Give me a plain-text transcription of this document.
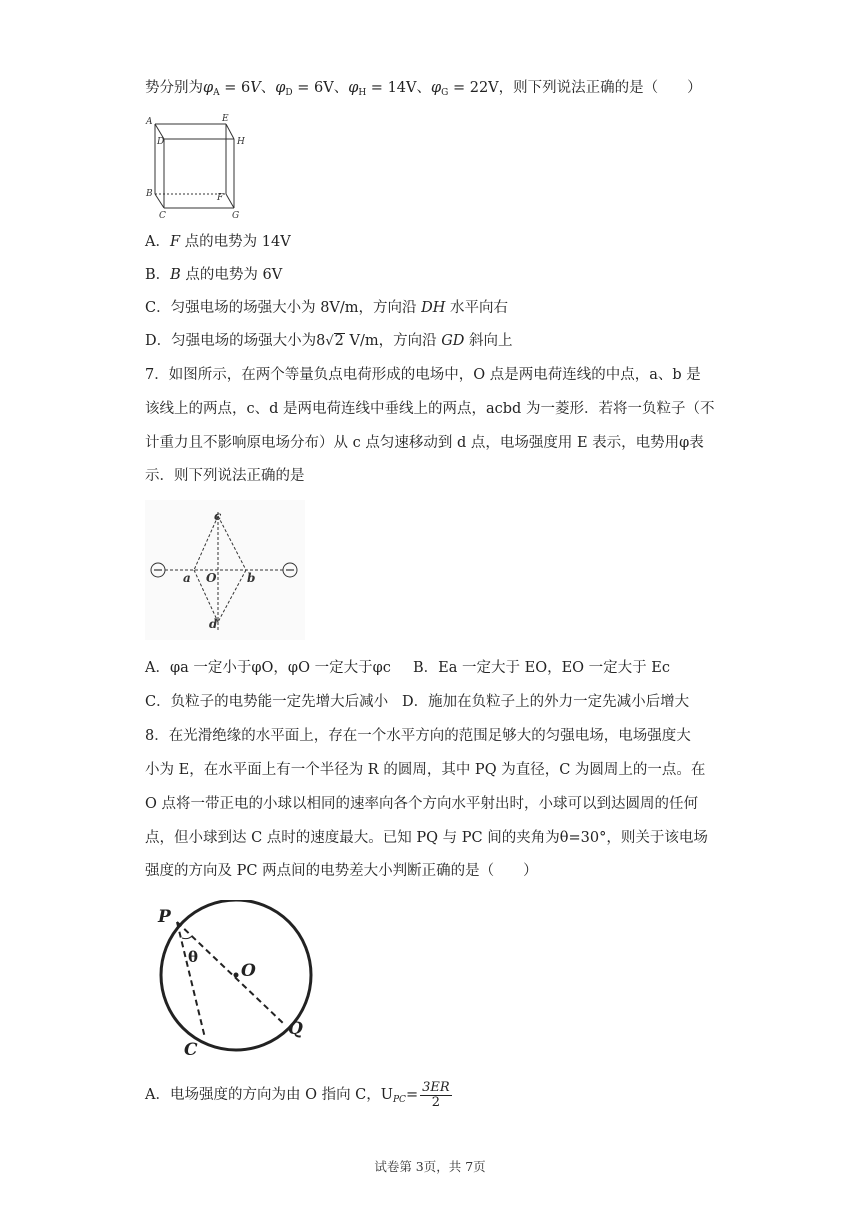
势分别为$\varphi_A = 6V$、$\varphi_D = 6V$、$\varphi_H = 14V$、$\varphi_G = 22V$，则下列说法正确的是（　　）
A	E
D	H
B	F
C	G
A．F 点的电势为 14V
B．B 点的电势为 6V
C．匀强电场的场强大小为 8V/m，方向沿 DH 水平向右
D．匀强电场的场强大小为8√2 V/m，方向沿 GD 斜向上
7．如图所示，在两个等量负点电荷形成的电场中，O 点是两电荷连线的中点，a、b 是
该线上的两点，c、d 是两电荷连线中垂线上的两点，acbd 为一菱形．若将一负粒子（不
计重力且不影响原电场分布）从 c 点匀速移动到 d 点，电场强度用 E 表示，电势用φ表
示．则下列说法正确的是
c
a O	b
d
A．φa 一定小于φO，φO 一定大于φc B．Ea 一定大于 EO，EO 一定大于 Ec
C．负粒子的电势能一定先增大后减小 D．施加在负粒子上的外力一定先减小后增大
8．在光滑绝缘的水平面上，存在一个水平方向的范围足够大的匀强电场，电场强度大
小为 E，在水平面上有一个半径为 R 的圆周，其中 PQ 为直径，C 为圆周上的一点。在
O 点将一带正电的小球以相同的速率向各个方向水平射出时，小球可以到达圆周的任何
点，但小球到达 C 点时的速度最大。已知 PQ 与 PC 间的夹角为θ=30°，则关于该电场
强度的方向及 PC 两点间的电势差大小判断正确的是（　　）
P
O
Q
C
θ
A．电场强度的方向为由 O 指向 C，$U_{PC}= \frac{3ER}{2}$
试卷第 3页，共 7页
